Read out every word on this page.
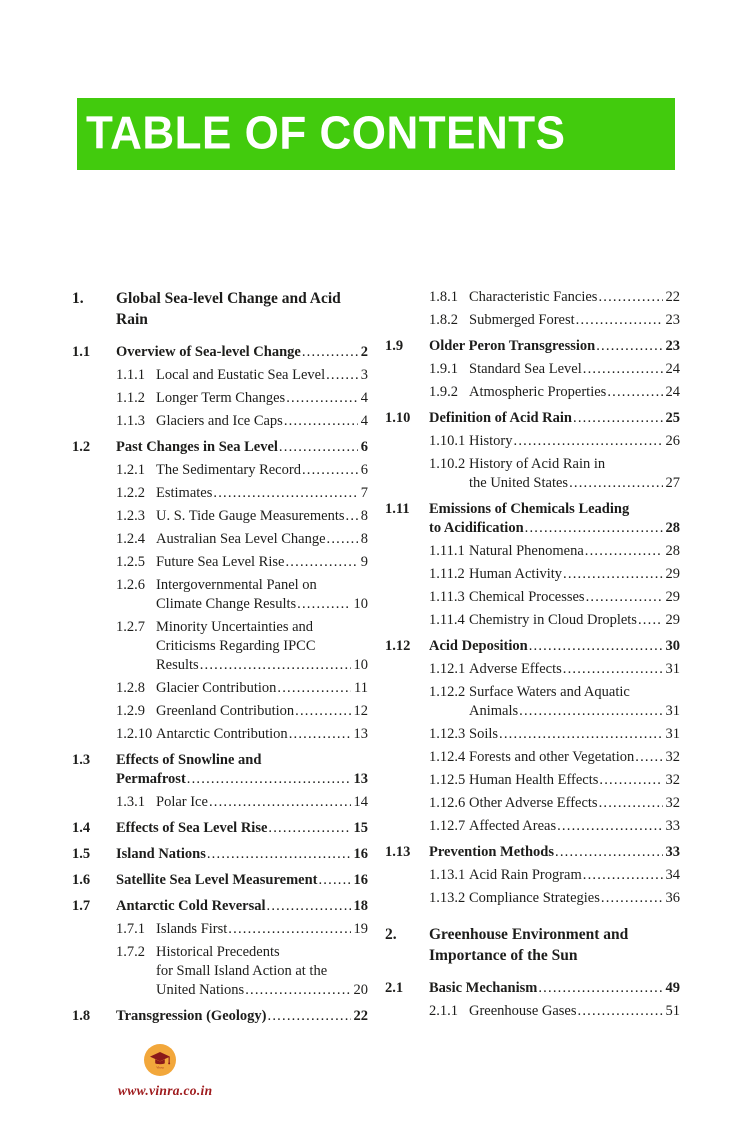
TABLE OF CONTENTS
1.	Global Sea-level Change and Acid
Rain
1.1	Overview of Sea-level Change .....	2
1.1.1 Local and Eustatic Sea Level ..... 3
1.1.2 Longer Term Changes .....	4
1.1.3 Glaciers and Ice Caps .....	4
1.2	Past Changes in Sea Level .....	6
1.2.1 The Sedimentary Record .....	6
1.2.2 Estimates .....	7
1.2.3 U. S. Tide Gauge Measurements ..... 8
1.2.4 Australian Sea Level Change ..... 8
1.2.5 Future Sea Level Rise .....	9
1.2.6 Intergovernmental Panel on
Climate Change Results .....	10
1.2.7 Minority Uncertainties and
Criticisms Regarding IPCC
Results .....	10
1.2.8 Glacier Contribution .....	11
1.2.9 Greenland Contribution .....	12
1.2.10 Antarctic Contribution .....	13
1.3	Effects of Snowline and
Permafrost .....	13
1.3.1 Polar Ice .....	14
1.4	Effects of Sea Level Rise .....	15
1.5	Island Nations .....	16
1.6	Satellite Sea Level Measurement ..... 16
1.7	Antarctic Cold Reversal .....	18
1.7.1 Islands First .....	19
1.7.2 Historical Precedents
for Small Island Action at the
United Nations .....	20
1.8	Transgression (Geology) .....	22
1.8.1 Characteristic Fancies .....	22
1.8.2 Submerged Forest .....	23
1.9	Older Peron Transgression .....	23
1.9.1 Standard Sea Level .....	24
1.9.2 Atmospheric Properties .....	24
1.10	Definition of Acid Rain .....	25
1.10.1 History .....	26
1.10.2 History of Acid Rain in
the United States .....	27
1.11	Emissions of Chemicals Leading
to Acidification .....	28
1.11.1 Natural Phenomena .....	28
1.11.2 Human Activity .....	29
1.11.3 Chemical Processes .....	29
1.11.4 Chemistry in Cloud Droplets ..... 29
1.12	Acid Deposition .....	30
1.12.1 Adverse Effects .....	31
1.12.2 Surface Waters and Aquatic
Animals .....	31
1.12.3 Soils .....	31
1.12.4 Forests and other Vegetation ..... 32
1.12.5 Human Health Effects .....	32
1.12.6 Other Adverse Effects .....	32
1.12.7 Affected Areas .....	33
1.13	Prevention Methods .....	33
1.13.1 Acid Rain Program .....	34
1.13.2 Compliance Strategies .....	36
2.	Greenhouse Environment and
Importance of the Sun
2.1	Basic Mechanism .....	49
2.1.1 Greenhouse Gases .....	51
Vinra
www.vinra.co.in
